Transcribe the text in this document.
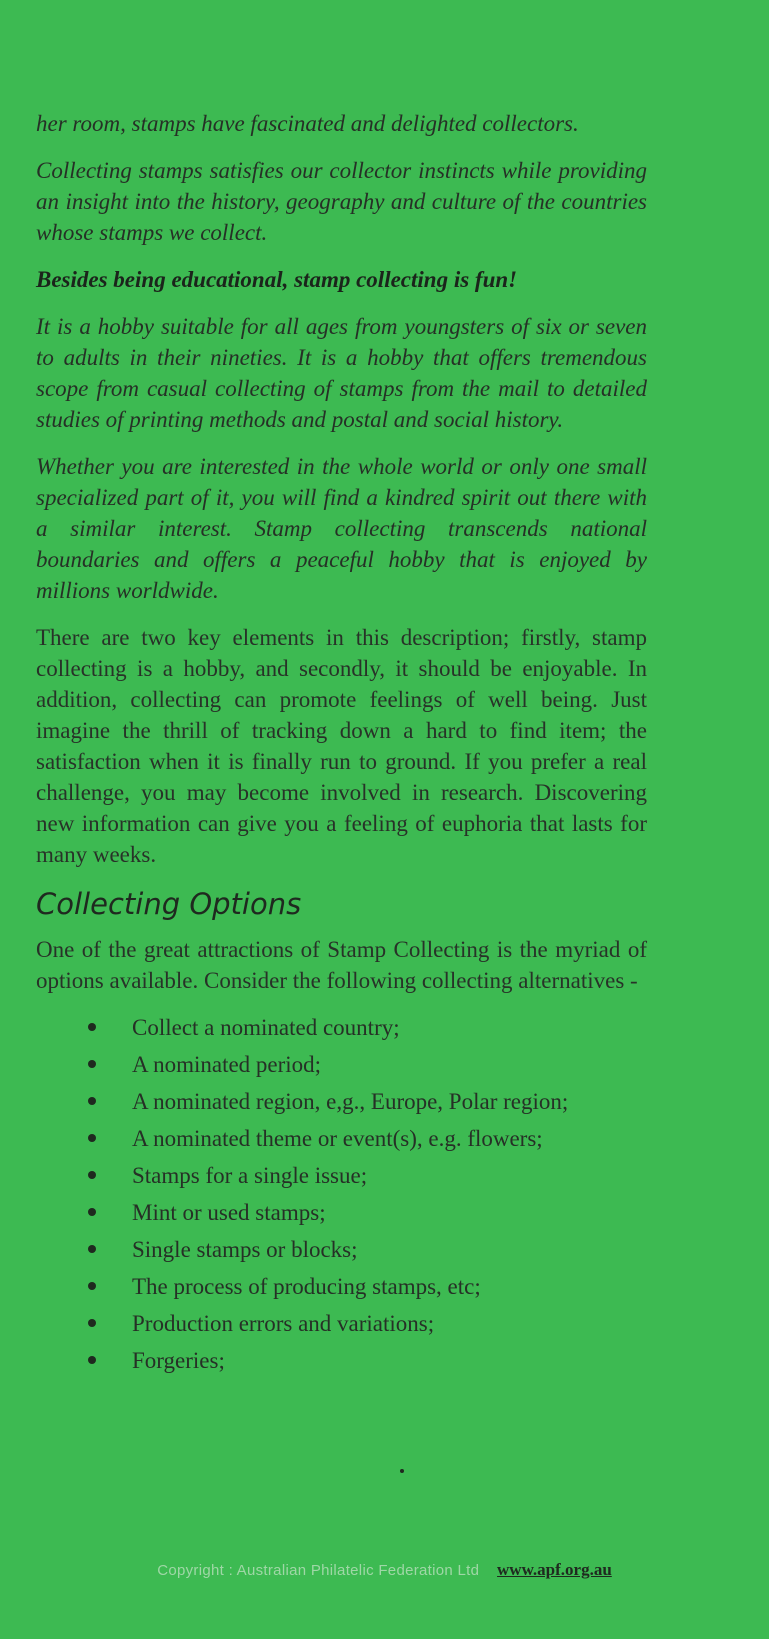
her room, stamps have fascinated and delighted collectors.

Collecting stamps satisfies our collector instincts while providing an insight into the history, geography and culture of the countries whose stamps we collect.

Besides being educational, stamp collecting is fun!

It is a hobby suitable for all ages from youngsters of six or seven to adults in their nineties. It is a hobby that offers tremendous scope from casual collecting of stamps from the mail to detailed studies of printing methods and postal and social history.

Whether you are interested in the whole world or only one small specialized part of it, you will find a kindred spirit out there with a similar interest. Stamp collecting transcends national boundaries and offers a peaceful hobby that is enjoyed by millions worldwide.

There are two key elements in this description; firstly, stamp collecting is a hobby, and secondly, it should be enjoyable. In addition, collecting can promote feelings of well being. Just imagine the thrill of tracking down a hard to find item; the satisfaction when it is finally run to ground. If you prefer a real challenge, you may become involved in research. Discovering new information can give you a feeling of euphoria that lasts for many weeks.

Collecting Options

One of the great attractions of Stamp Collecting is the myriad of options available. Consider the following collecting alternatives -

Collect a nominated country;
A nominated period;
A nominated region, e,g., Europe, Polar region;
A nominated theme or event(s), e.g. flowers;
Stamps for a single issue;
Mint or used stamps;
Single stamps or blocks;
The process of producing stamps, etc;
Production errors and variations;
Forgeries;
Copyright : Australian Philatelic Federation Ltd www.apf.org.au
